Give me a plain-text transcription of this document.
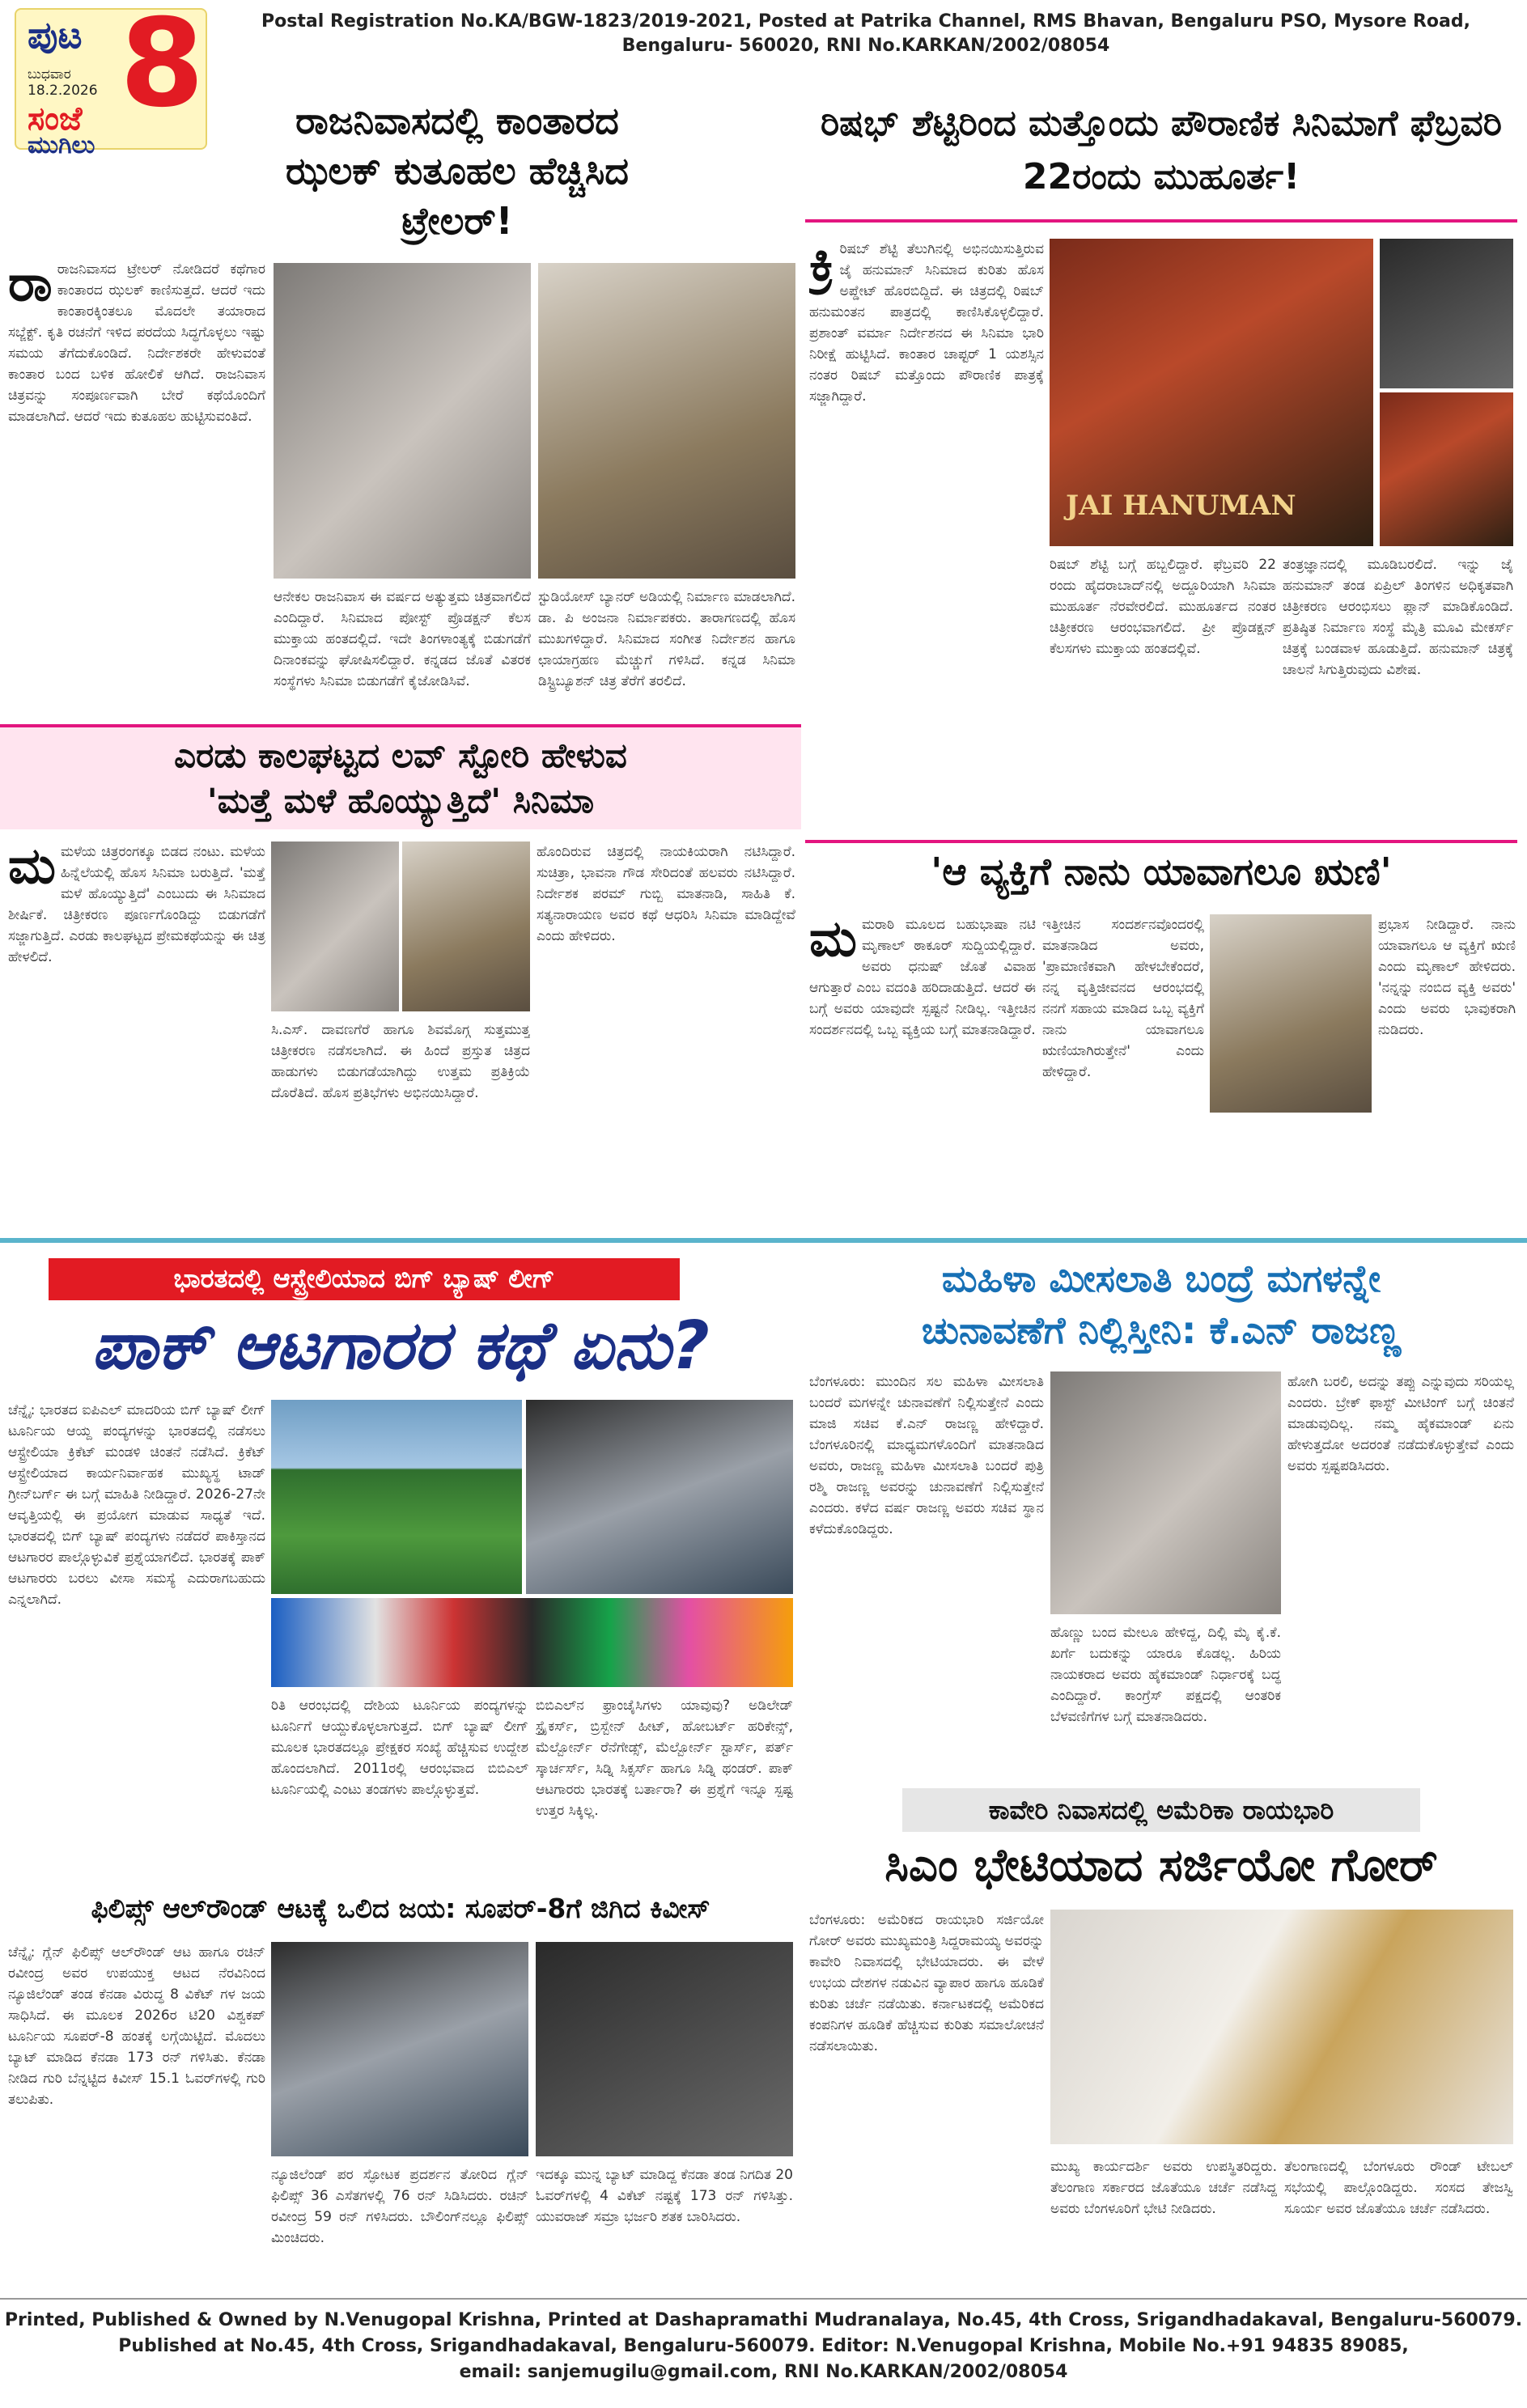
ಪುಟ 8
ಬುಧವಾರ
18.2.2026
ಸಂಜೆ
ಮುಗಿಲು
Postal Registration No.KA/BGW-1823/2019-2021, Posted at Patrika Channel, RMS Bhavan, Bengaluru PSO, Mysore Road,
Bengaluru- 560020, RNI No.KARKAN/2002/08054
ರಾಜನಿವಾಸದಲ್ಲಿ ಕಾಂತಾರದ ಝಲಕ್ ಕುತೂಹಲ ಹೆಚ್ಚಿಸಿದ ಟ್ರೇಲರ್!
ರಾರಾಜನಿವಾಸದ ಟ್ರೇಲರ್ ನೋಡಿದರೆ ಕಥೆಗಾರ ಕಾಂತಾರದ ಝಲಕ್ ಕಾಣಿಸುತ್ತದೆ. ಆದರೆ ಇದು ಕಾಂತಾರಕ್ಕಿಂತಲೂ ಮೊದಲೇ ತಯಾರಾದ ಸಬ್ಜೆಕ್ಟ್. ಕೃತಿ ರಚನೆಗೆ ಇಳಿದ ಪರದೆಯ ಸಿದ್ಧಗೊಳ್ಳಲು ಇಷ್ಟು ಸಮಯ ತೆಗೆದುಕೊಂಡಿದೆ. ನಿರ್ದೇಶಕರೇ ಹೇಳುವಂತೆ ಕಾಂತಾರ ಬಂದ ಬಳಿಕ ಹೋಲಿಕೆ ಆಗಿದೆ. ರಾಜನಿವಾಸ ಚಿತ್ರವನ್ನು ಸಂಪೂರ್ಣವಾಗಿ ಬೇರೆ ಕಥೆಯೊಂದಿಗೆ ಮಾಡಲಾಗಿದೆ. ಆದರೆ ಇದು ಕುತೂಹಲ ಹುಟ್ಟಿಸುವಂತಿದೆ.
ಆನೇಕಲ ರಾಜನಿವಾಸ ಈ ವರ್ಷದ ಅತ್ಯುತ್ತಮ ಚಿತ್ರವಾಗಲಿದೆ ಎಂದಿದ್ದಾರೆ. ಸಿನಿಮಾದ ಪೋಸ್ಟ್ ಪ್ರೊಡಕ್ಷನ್ ಕೆಲಸ ಮುಕ್ತಾಯ ಹಂತದಲ್ಲಿದೆ. ಇದೇ ತಿಂಗಳಾಂತ್ಯಕ್ಕೆ ಬಿಡುಗಡೆಗೆ ದಿನಾಂಕವನ್ನು ಘೋಷಿಸಲಿದ್ದಾರೆ. ಕನ್ನಡದ ಜೊತೆ ವಿತರಕ ಸಂಸ್ಥೆಗಳು ಸಿನಿಮಾ ಬಿಡುಗಡೆಗೆ ಕೈಜೋಡಿಸಿವೆ.
ಸ್ಟುಡಿಯೋಸ್ ಬ್ಯಾನರ್ ಅಡಿಯಲ್ಲಿ ನಿರ್ಮಾಣ ಮಾಡಲಾಗಿದೆ. ಡಾ. ಪಿ ಅಂಜನಾ ನಿರ್ಮಾಪಕರು. ತಾರಾಗಣದಲ್ಲಿ ಹೊಸ ಮುಖಗಳಿದ್ದಾರೆ. ಸಿನಿಮಾದ ಸಂಗೀತ ನಿರ್ದೇಶನ ಹಾಗೂ ಛಾಯಾಗ್ರಹಣ ಮೆಚ್ಚುಗೆ ಗಳಿಸಿದೆ. ಕನ್ನಡ ಸಿನಿಮಾ ಡಿಸ್ಟ್ರಿಬ್ಯೂಶನ್ ಚಿತ್ರ ತೆರೆಗೆ ತರಲಿದೆ.
ರಿಷಭ್ ಶೆಟ್ಟಿರಿಂದ ಮತ್ತೊಂದು ಪೌರಾಣಿಕ ಸಿನಿಮಾಗೆ ಫೆಬ್ರವರಿ 22ರಂದು ಮುಹೂರ್ತ!
ಕ್ರಿ ರಿಷಬ್ ಶೆಟ್ಟಿ ತೆಲುಗಿನಲ್ಲಿ ಅಭಿನಯಿಸುತ್ತಿರುವ ಜೈ ಹನುಮಾನ್ ಸಿನಿಮಾದ ಕುರಿತು ಹೊಸ ಅಪ್ಡೇಟ್ ಹೊರಬಿದ್ದಿದೆ. ಈ ಚಿತ್ರದಲ್ಲಿ ರಿಷಬ್ ಹನುಮಂತನ ಪಾತ್ರದಲ್ಲಿ ಕಾಣಿಸಿಕೊಳ್ಳಲಿದ್ದಾರೆ. ಪ್ರಶಾಂತ್ ವರ್ಮಾ ನಿರ್ದೇಶನದ ಈ ಸಿನಿಮಾ ಭಾರಿ ನಿರೀಕ್ಷೆ ಹುಟ್ಟಿಸಿದೆ. ಕಾಂತಾರ ಚಾಪ್ಟರ್ 1 ಯಶಸ್ಸಿನ ನಂತರ ರಿಷಬ್ ಮತ್ತೊಂದು ಪೌರಾಣಿಕ ಪಾತ್ರಕ್ಕೆ ಸಜ್ಜಾಗಿದ್ದಾರೆ.
JAI HANUMAN
ರಿಷಬ್ ಶೆಟ್ಟಿ ಬಗ್ಗೆ ಹಬ್ಬಲಿದ್ದಾರೆ. ಫೆಬ್ರವರಿ 22 ರಂದು ಹೈದರಾಬಾದ್‌ನಲ್ಲಿ ಅದ್ದೂರಿಯಾಗಿ ಸಿನಿಮಾ ಮುಹೂರ್ತ ನೆರವೇರಲಿದೆ. ಮುಹೂರ್ತದ ನಂತರ ಚಿತ್ರೀಕರಣ ಆರಂಭವಾಗಲಿದೆ. ಪ್ರೀ ಪ್ರೊಡಕ್ಷನ್ ಕೆಲಸಗಳು ಮುಕ್ತಾಯ ಹಂತದಲ್ಲಿವೆ.
ತಂತ್ರಜ್ಞಾನದಲ್ಲಿ ಮೂಡಿಬರಲಿದೆ. ಇನ್ನು ಜೈ ಹನುಮಾನ್ ತಂಡ ಏಪ್ರಿಲ್ ತಿಂಗಳಿನ ಅಧಿಕೃತವಾಗಿ ಚಿತ್ರೀಕರಣ ಆರಂಭಿಸಲು ಪ್ಲಾನ್ ಮಾಡಿಕೊಂಡಿದೆ. ಪ್ರತಿಷ್ಠಿತ ನಿರ್ಮಾಣ ಸಂಸ್ಥೆ ಮೈತ್ರಿ ಮೂವಿ ಮೇಕರ್ಸ್ ಚಿತ್ರಕ್ಕೆ ಬಂಡವಾಳ ಹೂಡುತ್ತಿದೆ. ಹನುಮಾನ್ ಚಿತ್ರಕ್ಕೆ ಚಾಲನೆ ಸಿಗುತ್ತಿರುವುದು ವಿಶೇಷ.
ಎರಡು ಕಾಲಘಟ್ಟದ ಲವ್ ಸ್ಟೋರಿ ಹೇಳುವ
'ಮತ್ತೆ ಮಳೆ ಹೊಯ್ಯುತ್ತಿದೆ' ಸಿನಿಮಾ
ಮಮಳೆಯ ಚಿತ್ರರಂಗಕ್ಕೂ ಬಿಡದ ನಂಟು. ಮಳೆಯ ಹಿನ್ನೆಲೆಯಲ್ಲಿ ಹೊಸ ಸಿನಿಮಾ ಬರುತ್ತಿದೆ. 'ಮತ್ತೆ ಮಳೆ ಹೊಯ್ಯುತ್ತಿದೆ' ಎಂಬುದು ಈ ಸಿನಿಮಾದ ಶೀರ್ಷಿಕೆ. ಚಿತ್ರೀಕರಣ ಪೂರ್ಣಗೊಂಡಿದ್ದು ಬಿಡುಗಡೆಗೆ ಸಜ್ಜಾಗುತ್ತಿದೆ. ಎರಡು ಕಾಲಘಟ್ಟದ ಪ್ರೇಮಕಥೆಯನ್ನು ಈ ಚಿತ್ರ ಹೇಳಲಿದೆ.
ಸಿ.ಎಸ್. ದಾವಣಗೆರೆ ಹಾಗೂ ಶಿವಮೊಗ್ಗ ಸುತ್ತಮುತ್ತ ಚಿತ್ರೀಕರಣ ನಡೆಸಲಾಗಿದೆ. ಈ ಹಿಂದೆ ಪ್ರಸ್ತುತ ಚಿತ್ರದ ಹಾಡುಗಳು ಬಿಡುಗಡೆಯಾಗಿದ್ದು ಉತ್ತಮ ಪ್ರತಿಕ್ರಿಯೆ ದೊರೆತಿದೆ. ಹೊಸ ಪ್ರತಿಭೆಗಳು ಅಭಿನಯಿಸಿದ್ದಾರೆ.
ಹೊಂದಿರುವ ಚಿತ್ರದಲ್ಲಿ ನಾಯಕಿಯರಾಗಿ ನಟಿಸಿದ್ದಾರೆ. ಸುಚಿತ್ರಾ, ಭಾವನಾ ಗೌಡ ಸೇರಿದಂತೆ ಹಲವರು ನಟಿಸಿದ್ದಾರೆ. ನಿರ್ದೇಶಕ ಪರಮ್ ಗುಬ್ಬಿ ಮಾತನಾಡಿ, ಸಾಹಿತಿ ಕೆ. ಸತ್ಯನಾರಾಯಣ ಅವರ ಕಥೆ ಆಧರಿಸಿ ಸಿನಿಮಾ ಮಾಡಿದ್ದೇವೆ ಎಂದು ಹೇಳಿದರು.
'ಆ ವ್ಯಕ್ತಿಗೆ ನಾನು ಯಾವಾಗಲೂ ಋಣಿ'
ಮಮರಾಠಿ ಮೂಲದ ಬಹುಭಾಷಾ ನಟಿ ಮೃಣಾಲ್ ಠಾಕೂರ್ ಸುದ್ದಿಯಲ್ಲಿದ್ದಾರೆ. ಅವರು ಧನುಷ್ ಜೊತೆ ವಿವಾಹ ಆಗುತ್ತಾರೆ ಎಂಬ ವದಂತಿ ಹರಿದಾಡುತ್ತಿದೆ. ಆದರೆ ಈ ಬಗ್ಗೆ ಅವರು ಯಾವುದೇ ಸ್ಪಷ್ಟನೆ ನೀಡಿಲ್ಲ. ಇತ್ತೀಚಿನ ಸಂದರ್ಶನದಲ್ಲಿ ಒಬ್ಬ ವ್ಯಕ್ತಿಯ ಬಗ್ಗೆ ಮಾತನಾಡಿದ್ದಾರೆ.
ಇತ್ತೀಚಿನ ಸಂದರ್ಶನವೊಂದರಲ್ಲಿ ಮಾತನಾಡಿದ ಅವರು, 'ಪ್ರಾಮಾಣಿಕವಾಗಿ ಹೇಳಬೇಕೆಂದರೆ, ನನ್ನ ವೃತ್ತಿಜೀವನದ ಆರಂಭದಲ್ಲಿ ನನಗೆ ಸಹಾಯ ಮಾಡಿದ ಒಬ್ಬ ವ್ಯಕ್ತಿಗೆ ನಾನು ಯಾವಾಗಲೂ ಋಣಿಯಾಗಿರುತ್ತೇನೆ' ಎಂದು ಹೇಳಿದ್ದಾರೆ.
ಪ್ರಭಾಸ ನೀಡಿದ್ದಾರೆ. ನಾನು ಯಾವಾಗಲೂ ಆ ವ್ಯಕ್ತಿಗೆ ಋಣಿ ಎಂದು ಮೃಣಾಲ್ ಹೇಳಿದರು. 'ನನ್ನನ್ನು ನಂಬಿದ ವ್ಯಕ್ತಿ ಅವರು' ಎಂದು ಅವರು ಭಾವುಕರಾಗಿ ನುಡಿದರು.
ಭಾರತದಲ್ಲಿ ಆಸ್ಟ್ರೇಲಿಯಾದ ಬಿಗ್ ಬ್ಯಾಷ್ ಲೀಗ್
ಪಾಕ್ ಆಟಗಾರರ ಕಥೆ ಏನು?
ಚೆನ್ನೈ: ಭಾರತದ ಐಪಿಎಲ್ ಮಾದರಿಯ ಬಿಗ್ ಬ್ಯಾಷ್ ಲೀಗ್ ಟೂರ್ನಿಯ ಆಯ್ದ ಪಂದ್ಯಗಳನ್ನು ಭಾರತದಲ್ಲಿ ನಡೆಸಲು ಆಸ್ಟ್ರೇಲಿಯಾ ಕ್ರಿಕೆಟ್ ಮಂಡಳಿ ಚಿಂತನೆ ನಡೆಸಿದೆ. ಕ್ರಿಕೆಟ್ ಆಸ್ಟ್ರೇಲಿಯಾದ ಕಾರ್ಯನಿರ್ವಾಹಕ ಮುಖ್ಯಸ್ಥ ಟಾಡ್ ಗ್ರೀನ್‌ಬರ್ಗ್ ಈ ಬಗ್ಗೆ ಮಾಹಿತಿ ನೀಡಿದ್ದಾರೆ. 2026-27ನೇ ಆವೃತ್ತಿಯಲ್ಲಿ ಈ ಪ್ರಯೋಗ ಮಾಡುವ ಸಾಧ್ಯತೆ ಇದೆ. ಭಾರತದಲ್ಲಿ ಬಿಗ್ ಬ್ಯಾಷ್ ಪಂದ್ಯಗಳು ನಡೆದರೆ ಪಾಕಿಸ್ತಾನದ ಆಟಗಾರರ ಪಾಲ್ಗೊಳ್ಳುವಿಕೆ ಪ್ರಶ್ನೆಯಾಗಲಿದೆ. ಭಾರತಕ್ಕೆ ಪಾಕ್ ಆಟಗಾರರು ಬರಲು ವೀಸಾ ಸಮಸ್ಯೆ ಎದುರಾಗಬಹುದು ಎನ್ನಲಾಗಿದೆ.
ರಿತಿ ಆರಂಭದಲ್ಲಿ ದೇಶಿಯ ಟೂರ್ನಿಯ ಪಂದ್ಯಗಳನ್ನು ಟೂರ್ನಿಗೆ ಆಯ್ದುಕೊಳ್ಳಲಾಗುತ್ತದೆ. ಬಿಗ್ ಬ್ಯಾಷ್ ಲೀಗ್ ಮೂಲಕ ಭಾರತದಲ್ಲೂ ಪ್ರೇಕ್ಷಕರ ಸಂಖ್ಯೆ ಹೆಚ್ಚಿಸುವ ಉದ್ದೇಶ ಹೊಂದಲಾಗಿದೆ. 2011ರಲ್ಲಿ ಆರಂಭವಾದ ಬಿಬಿಎಲ್ ಟೂರ್ನಿಯಲ್ಲಿ ಎಂಟು ತಂಡಗಳು ಪಾಲ್ಗೊಳ್ಳುತ್ತವೆ.
ಬಿಬಿಎಲ್‌ನ ಫ್ರಾಂಚೈಸಿಗಳು ಯಾವುವು? ಅಡಿಲೇಡ್ ಸ್ಟ್ರೈಕರ್ಸ್, ಬ್ರಿಸ್ಬೇನ್ ಹೀಟ್, ಹೋಬರ್ಟ್ ಹರಿಕೇನ್ಸ್, ಮೆಲ್ಬೋರ್ನ್ ರೆನೆಗೇಡ್ಸ್, ಮೆಲ್ಬೋರ್ನ್ ಸ್ಟಾರ್ಸ್, ಪರ್ತ್ ಸ್ಕಾರ್ಚರ್ಸ್, ಸಿಡ್ನಿ ಸಿಕ್ಸರ್ಸ್ ಹಾಗೂ ಸಿಡ್ನಿ ಥಂಡರ್. ಪಾಕ್ ಆಟಗಾರರು ಭಾರತಕ್ಕೆ ಬರ್ತಾರಾ? ಈ ಪ್ರಶ್ನೆಗೆ ಇನ್ನೂ ಸ್ಪಷ್ಟ ಉತ್ತರ ಸಿಕ್ಕಿಲ್ಲ.
ಮಹಿಳಾ ಮೀಸಲಾತಿ ಬಂದ್ರೆ ಮಗಳನ್ನೇ
ಚುನಾವಣೆಗೆ ನಿಲ್ಲಿಸ್ತೀನಿ: ಕೆ.ಎನ್ ರಾಜಣ್ಣ
ಬೆಂಗಳೂರು: ಮುಂದಿನ ಸಲ ಮಹಿಳಾ ಮೀಸಲಾತಿ ಬಂದರೆ ಮಗಳನ್ನೇ ಚುನಾವಣೆಗೆ ನಿಲ್ಲಿಸುತ್ತೇನೆ ಎಂದು ಮಾಜಿ ಸಚಿವ ಕೆ.ಎನ್ ರಾಜಣ್ಣ ಹೇಳಿದ್ದಾರೆ. ಬೆಂಗಳೂರಿನಲ್ಲಿ ಮಾಧ್ಯಮಗಳೊಂದಿಗೆ ಮಾತನಾಡಿದ ಅವರು, ರಾಜಣ್ಣ ಮಹಿಳಾ ಮೀಸಲಾತಿ ಬಂದರೆ ಪುತ್ರಿ ರಶ್ಮಿ ರಾಜಣ್ಣ ಅವರನ್ನು ಚುನಾವಣೆಗೆ ನಿಲ್ಲಿಸುತ್ತೇನೆ ಎಂದರು. ಕಳೆದ ವರ್ಷ ರಾಜಣ್ಣ ಅವರು ಸಚಿವ ಸ್ಥಾನ ಕಳೆದುಕೊಂಡಿದ್ದರು.
ಹೊಣ್ಣು ಬಂದ ಮೇಲೂ ಹೇಳಿದ್ದ, ದಿಲ್ಲಿ ಮೈ ಕೈ.ಕೆ. ಖರ್ಗೆ ಬದುಕನ್ನು ಯಾರೂ ಕೊಡಲ್ಲ. ಹಿರಿಯ ನಾಯಕರಾದ ಅವರು ಹೈಕಮಾಂಡ್ ನಿರ್ಧಾರಕ್ಕೆ ಬದ್ಧ ಎಂದಿದ್ದಾರೆ. ಕಾಂಗ್ರೆಸ್ ಪಕ್ಷದಲ್ಲಿ ಆಂತರಿಕ ಬೆಳವಣಿಗೆಗಳ ಬಗ್ಗೆ ಮಾತನಾಡಿದರು.
ಹೋಗಿ ಬರಲಿ, ಅದನ್ನು ತಪ್ಪು ಎನ್ನುವುದು ಸರಿಯಲ್ಲ ಎಂದರು. ಬ್ರೇಕ್ ಫಾಸ್ಟ್ ಮೀಟಿಂಗ್ ಬಗ್ಗೆ ಚಿಂತನೆ ಮಾಡುವುದಿಲ್ಲ. ನಮ್ಮ ಹೈಕಮಾಂಡ್ ಏನು ಹೇಳುತ್ತದೋ ಅದರಂತೆ ನಡೆದುಕೊಳ್ಳುತ್ತೇವೆ ಎಂದು ಅವರು ಸ್ಪಷ್ಟಪಡಿಸಿದರು.
ಕಾವೇರಿ ನಿವಾಸದಲ್ಲಿ ಅಮೆರಿಕಾ ರಾಯಭಾರಿ
ಸಿಎಂ ಭೇಟಿಯಾದ ಸರ್ಜಿಯೋ ಗೋರ್
ಬೆಂಗಳೂರು: ಅಮೆರಿಕದ ರಾಯಭಾರಿ ಸರ್ಜಿಯೋ ಗೋರ್ ಅವರು ಮುಖ್ಯಮಂತ್ರಿ ಸಿದ್ದರಾಮಯ್ಯ ಅವರನ್ನು ಕಾವೇರಿ ನಿವಾಸದಲ್ಲಿ ಭೇಟಿಯಾದರು. ಈ ವೇಳೆ ಉಭಯ ದೇಶಗಳ ನಡುವಿನ ವ್ಯಾಪಾರ ಹಾಗೂ ಹೂಡಿಕೆ ಕುರಿತು ಚರ್ಚೆ ನಡೆಯಿತು. ಕರ್ನಾಟಕದಲ್ಲಿ ಅಮೆರಿಕದ ಕಂಪನಿಗಳ ಹೂಡಿಕೆ ಹೆಚ್ಚಿಸುವ ಕುರಿತು ಸಮಾಲೋಚನೆ ನಡೆಸಲಾಯಿತು.
ಮುಖ್ಯ ಕಾರ್ಯದರ್ಶಿ ಅವರು ಉಪಸ್ಥಿತರಿದ್ದರು. ತೆಲಂಗಾಣ ಸರ್ಕಾರದ ಜೊತೆಯೂ ಚರ್ಚೆ ನಡೆಸಿದ್ದ ಅವರು ಬೆಂಗಳೂರಿಗೆ ಭೇಟಿ ನೀಡಿದರು.
ತೆಲಂಗಾಣದಲ್ಲಿ ಬೆಂಗಳೂರು ರೌಂಡ್ ಟೇಬಲ್ ಸಭೆಯಲ್ಲಿ ಪಾಲ್ಗೊಂಡಿದ್ದರು. ಸಂಸದ ತೇಜಸ್ವಿ ಸೂರ್ಯ ಅವರ ಜೊತೆಯೂ ಚರ್ಚೆ ನಡೆಸಿದರು.
ಫಿಲಿಪ್ಸ್ ಆಲ್‌ರೌಂಡ್ ಆಟಕ್ಕೆ ಒಲಿದ ಜಯ: ಸೂಪರ್-8ಗೆ ಜಿಗಿದ ಕಿವೀಸ್
ಚೆನ್ನೈ: ಗ್ಲೆನ್ ಫಿಲಿಪ್ಸ್ ಆಲ್‌ರೌಂಡ್ ಆಟ ಹಾಗೂ ರಚಿನ್ ರವೀಂದ್ರ ಅವರ ಉಪಯುಕ್ತ ಆಟದ ನೆರವಿನಿಂದ ನ್ಯೂಜಿಲೆಂಡ್ ತಂಡ ಕೆನಡಾ ವಿರುದ್ಧ 8 ವಿಕೆಟ್ ಗಳ ಜಯ ಸಾಧಿಸಿದೆ. ಈ ಮೂಲಕ 2026ರ ಟಿ20 ವಿಶ್ವಕಪ್ ಟೂರ್ನಿಯ ಸೂಪರ್-8 ಹಂತಕ್ಕೆ ಲಗ್ಗೆಯಿಟ್ಟಿದೆ. ಮೊದಲು ಬ್ಯಾಟ್ ಮಾಡಿದ ಕೆನಡಾ 173 ರನ್ ಗಳಿಸಿತು. ಕೆನಡಾ ನೀಡಿದ ಗುರಿ ಬೆನ್ನಟ್ಟಿದ ಕಿವೀಸ್ 15.1 ಓವರ್‌ಗಳಲ್ಲಿ ಗುರಿ ತಲುಪಿತು.
ನ್ಯೂಜಿಲೆಂಡ್ ಪರ ಸ್ಫೋಟಕ ಪ್ರದರ್ಶನ ತೋರಿದ ಗ್ಲೆನ್ ಫಿಲಿಪ್ಸ್ 36 ಎಸೆತಗಳಲ್ಲಿ 76 ರನ್ ಸಿಡಿಸಿದರು. ರಚಿನ್ ರವೀಂದ್ರ 59 ರನ್ ಗಳಿಸಿದರು. ಬೌಲಿಂಗ್‌ನಲ್ಲೂ ಫಿಲಿಪ್ಸ್ ಮಿಂಚಿದರು.
ಇದಕ್ಕೂ ಮುನ್ನ ಬ್ಯಾಟ್ ಮಾಡಿದ್ದ ಕೆನಡಾ ತಂಡ ನಿಗದಿತ 20 ಓವರ್‌ಗಳಲ್ಲಿ 4 ವಿಕೆಟ್ ನಷ್ಟಕ್ಕೆ 173 ರನ್ ಗಳಿಸಿತ್ತು. ಯುವರಾಜ್ ಸಮ್ರಾ ಭರ್ಜರಿ ಶತಕ ಬಾರಿಸಿದರು.
Printed, Published & Owned by N.Venugopal Krishna, Printed at Dashapramathi Mudranalaya, No.45, 4th Cross, Srigandhadakaval, Bengaluru-560079.
Published at No.45, 4th Cross, Srigandhadakaval, Bengaluru-560079. Editor: N.Venugopal Krishna, Mobile No.+91 94835 89085,
email: sanjemugilu@gmail.com, RNI No.KARKAN/2002/08054
